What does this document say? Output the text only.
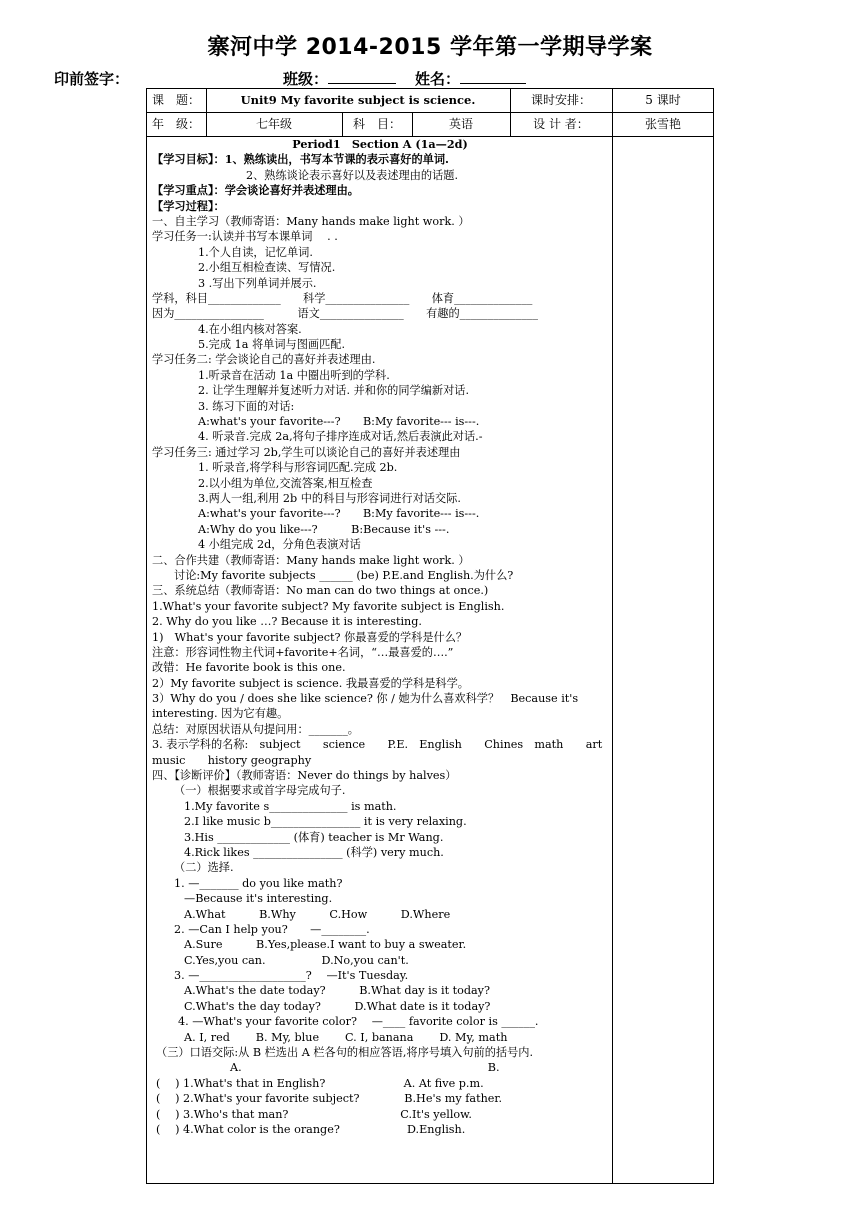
寨河中学 2014-2015 学年第一学期导学案
印前签字：	班级：	姓名：
课　题：	Unit9 My favorite subject is science.	课时安排：	5 课时
年　级：	七年级	科　目：	英语	设 计 者：	张雪艳
Period1　Section A (1a—2d)
【学习目标】：1、熟练读出，书写本节课的表示喜好的单词.
2、熟练谈论表示喜好以及表述理由的话题.
【学习重点】：学会谈论喜好并表述理由。
【学习过程】：
一、自主学习（教师寄语：Many hands make light work. ）
学习任务一:认读并书写本课单词　 . .
1.个人自读，记忆单词.
2.小组互相检查读、写情况.
3 .写出下列单词并展示.
学科，科目_____________　　科学_______________　　体育______________
因为________________　　　语文_______________　　有趣的______________
4.在小组内核对答案.
5.完成 1a 将单词与图画匹配.
学习任务二: 学会谈论自己的喜好并表述理由.
1.听录音在活动 1a 中圈出听到的学科.
2. 让学生理解并复述听力对话. 并和你的同学编新对话.
3. 练习下面的对话:
A:what's your favorite---?　　B:My favorite--- is---.
4. 听录音.完成 2a,将句子排序连成对话,然后表演此对话.-
学习任务三: 通过学习 2b,学生可以谈论自己的喜好并表述理由
1. 听录音,将学科与形容词匹配.完成 2b.
2.以小组为单位,交流答案,相互检查
3.两人一组,利用 2b 中的科目与形容词进行对话交际.
A:what's your favorite---?　　B:My favorite--- is---.
A:Why do you like---?　　　B:Because it's ---.
4 小组完成 2d，分角色表演对话
二、合作共建（教师寄语：Many hands make light work. ）
讨论:My favorite subjects ______ (be) P.E.and English.为什么?
三、系统总结（教师寄语：No man can do two things at once.)
1.What's your favorite subject? My favorite subject is English.
2. Why do you like …? Because it is interesting.
1)　What's your favorite subject? 你最喜爱的学科是什么？
注意：形容词性物主代词+favorite+名词，“…最喜爱的….”
改错：He favorite book is this one.
2）My favorite subject is science. 我最喜爱的学科是科学。
3）Why do you / does she like science? 你 / 她为什么喜欢科学？　Because it's
interesting. 因为它有趣。
总结：对原因状语从句提问用：_______。
3. 表示学科的名称:　subject　　science　　P.E.　English　　Chines　math　　art
music　　history geography
四、【诊断评价】（教师寄语：Never do things by halves）
（一）根据要求或首字母完成句子.
1.My favorite s______________ is math.
2.I like music b________________ it is very relaxing.
3.His _____________ (体育) teacher is Mr Wang.
4.Rick likes ________________ (科学) very much.
（二）选择.
1. —_______ do you like math?
—Because it's interesting.
A.What　　　B.Why　　　C.How　　　D.Where
2. —Can I help you?　　—________.
A.Sure　　　B.Yes,please.I want to buy a sweater.
C.Yes,you can.　　　　　D.No,you can't.
3. —___________________?　 —It's Tuesday.
A.What's the date today?　　　B.What day is it today?
C.What's the day today?　　　D.What date is it today?
4. —What's your favorite color?　 —____ favorite color is ______.
A. I, red　　 B. My, blue　　 C. I, banana　　 D. My, math
（三）口语交际:从 B 栏选出 A 栏各句的相应答语,将序号填入句前的括号内.
A.　　　　　　　　　　　　　　　　　　　　　　B.
(　 ) 1.What's that in English?　　　　　　　A. At five p.m.
(　 ) 2.What's your favorite subject?　　　　B.He's my father.
(　 ) 3.Who's that man?　　　　　　　　　　C.It's yellow.
(　 ) 4.What color is the orange?　　　　　　D.English.
